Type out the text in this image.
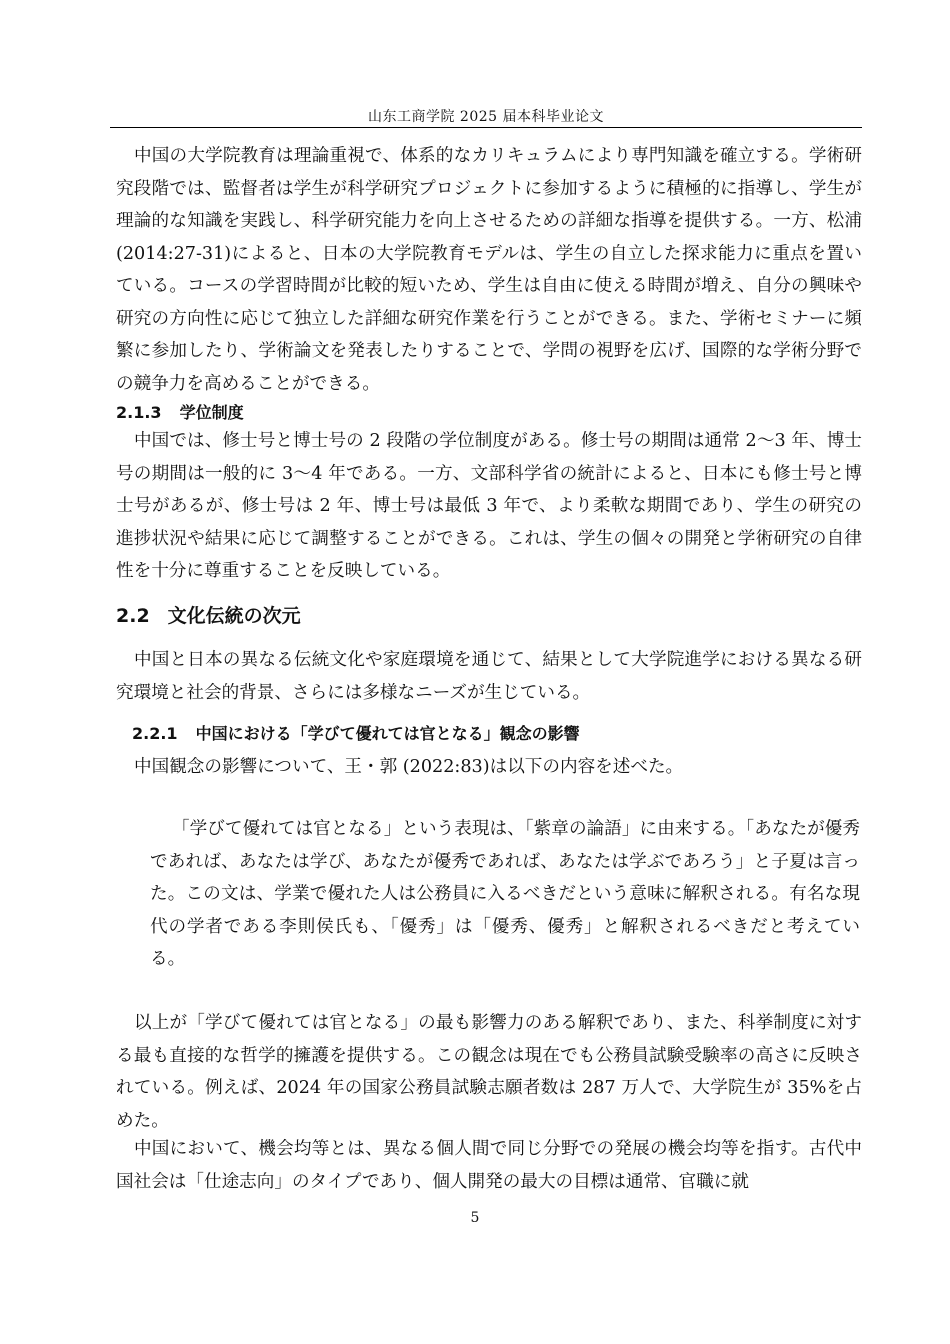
山东工商学院 2025 届本科毕业论文
中国の大学院教育は理論重視で、体系的なカリキュラムにより専門知識を確立する。学術研究段階では、監督者は学生が科学研究プロジェクトに参加するように積極的に指導し、学生が理論的な知識を実践し、科学研究能力を向上させるための詳細な指導を提供する。一方、松浦(2014:27-31)によると、日本の大学院教育モデルは、学生の自立した探求能力に重点を置いている。コースの学習時間が比較的短いため、学生は自由に使える時間が増え、自分の興味や研究の方向性に応じて独立した詳細な研究作業を行うことができる。また、学術セミナーに頻繁に参加したり、学術論文を発表したりすることで、学問の視野を広げ、国際的な学術分野での競争力を高めることができる。
2.1.3 学位制度
中国では、修士号と博士号の 2 段階の学位制度がある。修士号の期間は通常 2〜3 年、博士号の期間は一般的に 3〜4 年である。一方、文部科学省の統計によると、日本にも修士号と博士号があるが、修士号は 2 年、博士号は最低 3 年で、より柔軟な期間であり、学生の研究の進捗状況や結果に応じて調整することができる。これは、学生の個々の開発と学術研究の自律性を十分に尊重することを反映している。
2.2 文化伝統の次元
中国と日本の異なる伝統文化や家庭環境を通じて、結果として大学院進学における異なる研究環境と社会的背景、さらには多様なニーズが生じている。
2.2.1 中国における「学びて優れては官となる」観念の影響
中国観念の影響について、王・郭 (2022:83)は以下の内容を述べた。
「学びて優れては官となる」という表現は、「紫章の論語」に由来する。「あなたが優秀であれば、あなたは学び、あなたが優秀であれば、あなたは学ぶであろう」と子夏は言った。この文は、学業で優れた人は公務員に入るべきだという意味に解釈される。有名な現代の学者である李則侯氏も、「優秀」は「優秀、優秀」と解釈されるべきだと考えている。
以上が「学びて優れては官となる」の最も影響力のある解釈であり、また、科挙制度に対する最も直接的な哲学的擁護を提供する。この観念は現在でも公務員試験受験率の高さに反映されている。例えば、2024 年の国家公務員試験志願者数は 287 万人で、大学院生が 35%を占めた。
中国において、機会均等とは、異なる個人間で同じ分野での発展の機会均等を指す。古代中国社会は「仕途志向」のタイプであり、個人開発の最大の目標は通常、官職に就
5
